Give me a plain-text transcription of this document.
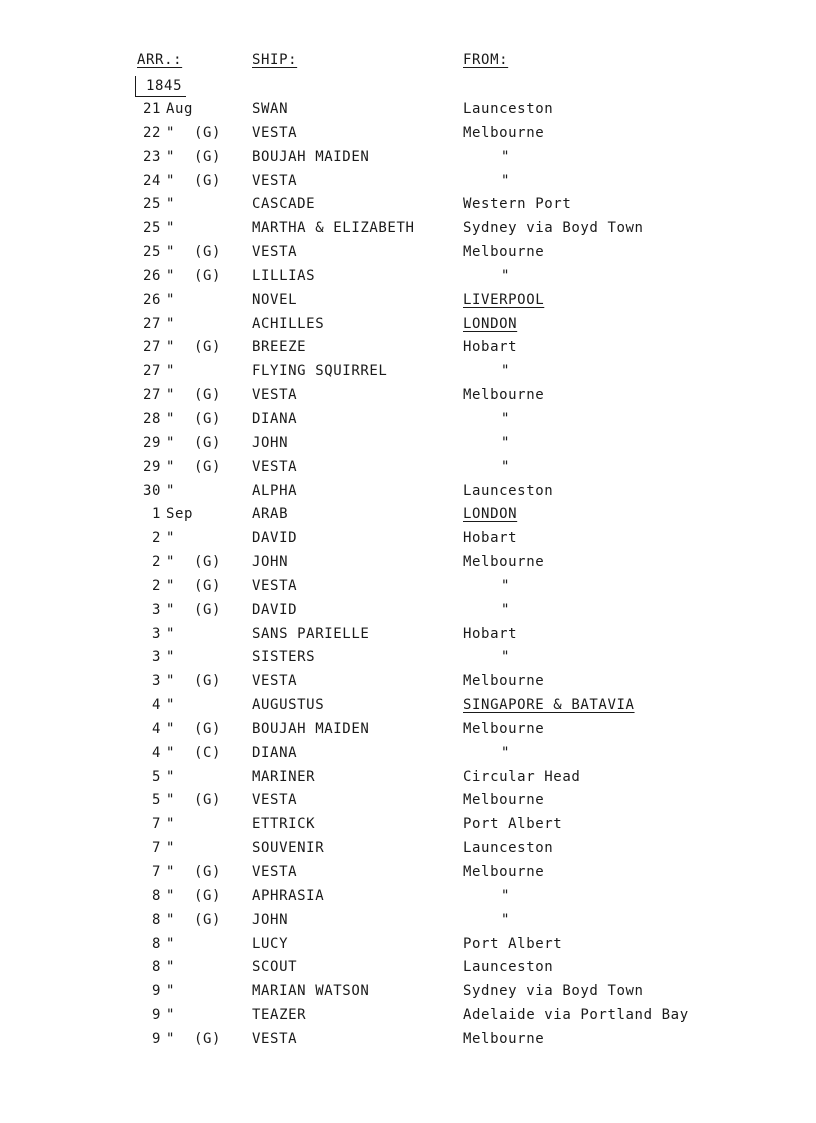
ARR.:	SHIP:	FROM:
1845
21 Aug	SWAN	Launceston
22 " (G) VESTA	Melbourne
23 " (G) BOUJAH MAIDEN	"
24 " (G) VESTA	"
25 "	CASCADE	Western Port
25 "	MARTHA & ELIZABETH	Sydney via Boyd Town
25 " (G) VESTA	Melbourne
26 " (G) LILLIAS	"
26 "	NOVEL	LIVERPOOL
27 "	ACHILLES	LONDON
27 " (G) BREEZE	Hobart
27 "	FLYING SQUIRREL	"
27 " (G) VESTA	Melbourne
28 " (G) DIANA	"
29 " (G) JOHN	"
29 " (G) VESTA	"
30 "	ALPHA	Launceston
1 Sep	ARAB	LONDON
2 "	DAVID	Hobart
2 " (G) JOHN	Melbourne
2 " (G) VESTA	"
3 " (G) DAVID	"
3 "	SANS PARIELLE	Hobart
3 "	SISTERS	"
3 " (G) VESTA	Melbourne
4 "	AUGUSTUS	SINGAPORE & BATAVIA
4 " (G) BOUJAH MAIDEN	Melbourne
4 " (C) DIANA	"
5 "	MARINER	Circular Head
5 " (G) VESTA	Melbourne
7 "	ETTRICK	Port Albert
7 "	SOUVENIR	Launceston
7 " (G) VESTA	Melbourne
8 " (G) APHRASIA	"
8 " (G) JOHN	"
8 "	LUCY	Port Albert
8 "	SCOUT	Launceston
9 "	MARIAN WATSON	Sydney via Boyd Town
9 "	TEAZER	Adelaide via Portland Bay
9 " (G) VESTA	Melbourne
